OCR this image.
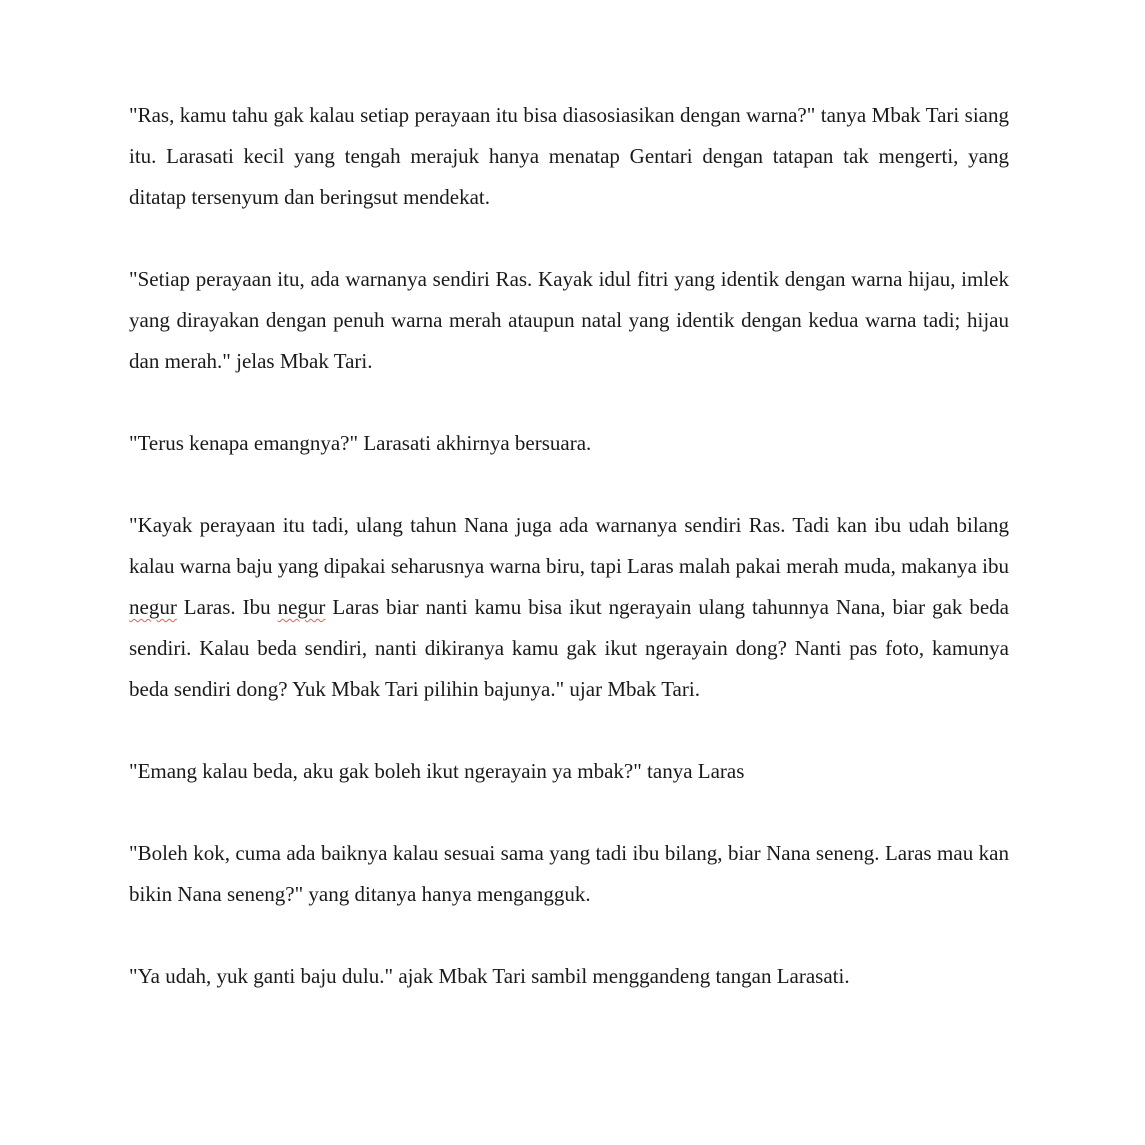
"Ras, kamu tahu gak kalau setiap perayaan itu bisa diasosiasikan dengan warna?" tanya Mbak Tari siang itu. Larasati kecil yang tengah merajuk hanya menatap Gentari dengan tatapan tak mengerti, yang ditatap tersenyum dan beringsut mendekat.

"Setiap perayaan itu, ada warnanya sendiri Ras. Kayak idul fitri yang identik dengan warna hijau, imlek yang dirayakan dengan penuh warna merah ataupun natal yang identik dengan kedua warna tadi; hijau dan merah." jelas Mbak Tari.

"Terus kenapa emangnya?" Larasati akhirnya bersuara.

"Kayak perayaan itu tadi, ulang tahun Nana juga ada warnanya sendiri Ras. Tadi kan ibu udah bilang kalau warna baju yang dipakai seharusnya warna biru, tapi Laras malah pakai merah muda, makanya ibu negur Laras. Ibu negur Laras biar nanti kamu bisa ikut ngerayain ulang tahunnya Nana, biar gak beda sendiri. Kalau beda sendiri, nanti dikiranya kamu gak ikut ngerayain dong? Nanti pas foto, kamunya beda sendiri dong? Yuk Mbak Tari pilihin bajunya." ujar Mbak Tari.

"Emang kalau beda, aku gak boleh ikut ngerayain ya mbak?" tanya Laras

"Boleh kok, cuma ada baiknya kalau sesuai sama yang tadi ibu bilang, biar Nana seneng. Laras mau kan bikin Nana seneng?" yang ditanya hanya mengangguk.

"Ya udah, yuk ganti baju dulu." ajak Mbak Tari sambil menggandeng tangan Larasati.
